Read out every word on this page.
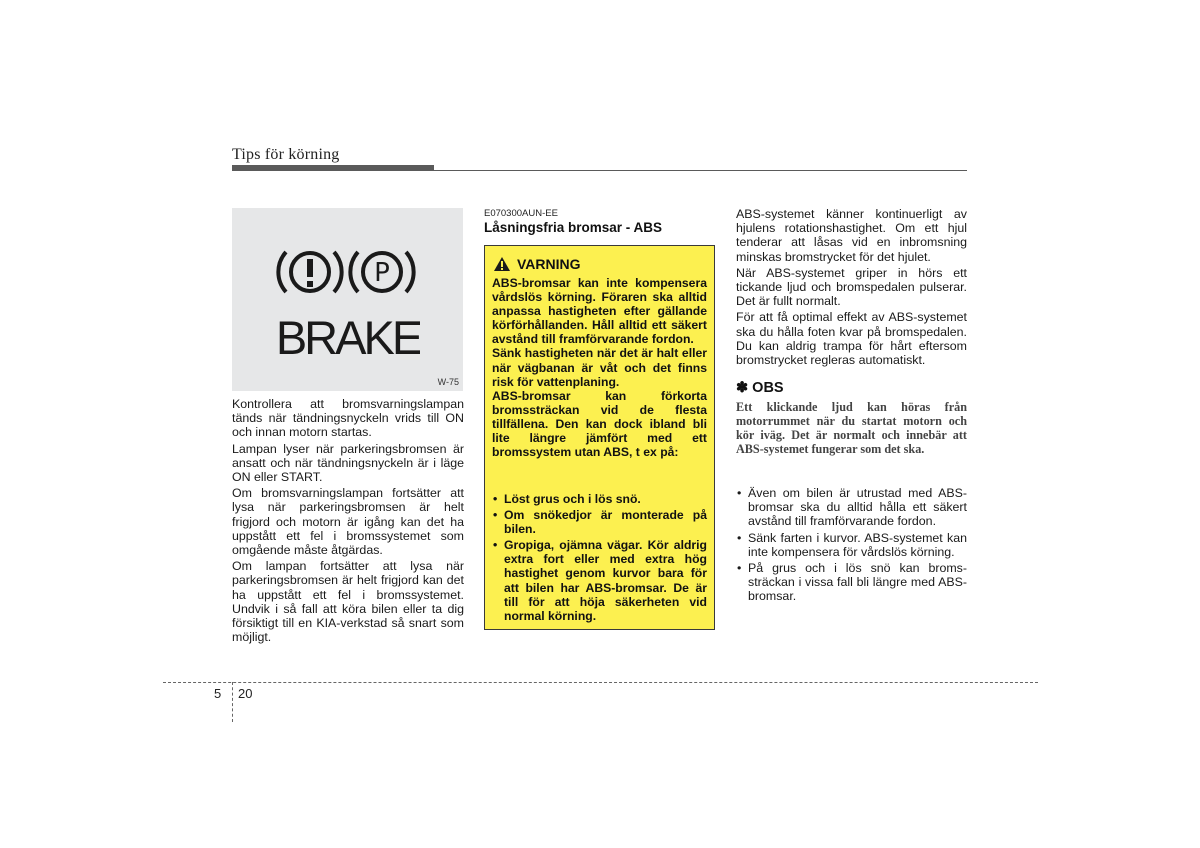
Tips för körning
P
BRAKE
W-75

Kontrollera att bromsvarningslampan tänds när tändningsnyckeln vrids till ON och innan motorn startas.

Lampan lyser när parkeringsbromsen är ansatt och när tändningsnyckeln är i läge ON eller START.

Om bromsvarningslampan fortsätter att lysa när parkeringsbromsen är helt frigjord och motorn är igång kan det ha uppstått ett fel i bromssystemet som omgående måste åtgärdas.

Om lampan fortsätter att lysa när parkeringsbromsen är helt frigjord kan det ha uppstått ett fel i bromssystemet. Undvik i så fall att köra bilen eller ta dig försiktigt till en KIA-verkstad så snart som möjligt.

E070300AUN-EE
Låsningsfria bromsar - ABS
VARNING

ABS-bromsar kan inte kompensera vårdslös körning. Föraren ska alltid anpassa hastigheten efter gällande körförhållanden. Håll alltid ett säkert avstånd till framförvarande fordon.

Sänk hastigheten när det är halt eller när vägbanan är våt och det finns risk för vattenplaning.

ABS-bromsar kan förkorta bromssträckan vid de flesta tillfällena. Den kan dock ibland bli lite längre jämfört med ett bromssystem utan ABS, t ex på:

• Löst grus och i lös snö.
• Om snökedjor är monterade på bilen.
• Gropiga, ojämna vägar. Kör aldrig extra fort eller med extra hög hastighet genom kurvor bara för att bilen har ABS-bromsar. De är till för att höja säkerheten vid normal körning.

ABS-systemet känner kontinuerligt av hjulens rotationshastighet. Om ett hjul tenderar att låsas vid en inbromsning minskas bromstrycket för det hjulet.

När ABS-systemet griper in hörs ett tickande ljud och bromspedalen pulserar. Det är fullt normalt.

För att få optimal effekt av ABS-systemet ska du hålla foten kvar på bromspedalen. Du kan aldrig trampa för hårt eftersom bromstrycket regleras automatiskt.

✽ OBS
Ett klickande ljud kan höras från motorrummet när du startat motorn och kör iväg. Det är normalt och innebär att ABS-systemet fungerar som det ska.
• Även om bilen är utrustad med ABS-bromsar ska du alltid hålla ett säkert avstånd till framförvarande fordon.
• Sänk farten i kurvor. ABS-systemet kan inte kompensera för vårdslös körning.
• På grus och i lös snö kan broms-sträckan i vissa fall bli längre med ABS-bromsar.
5 20
